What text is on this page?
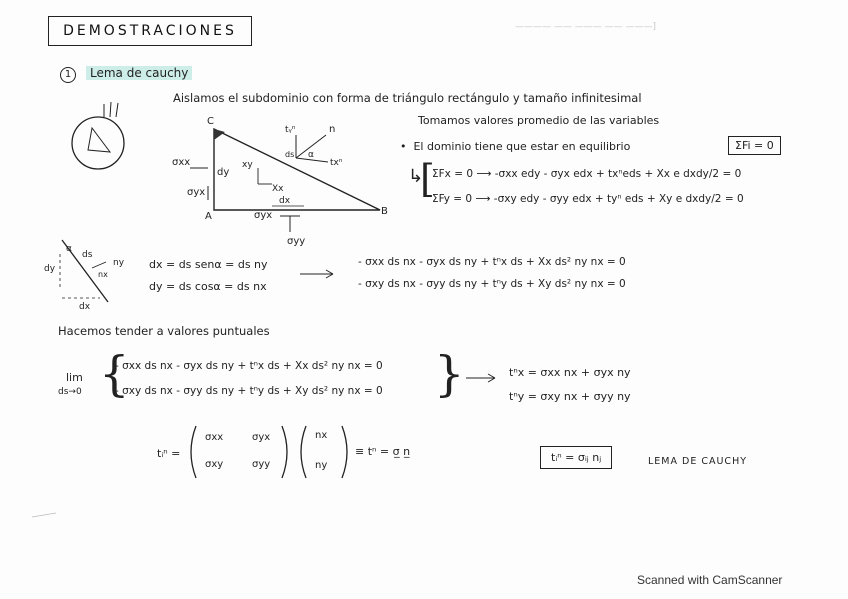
DEMOSTRACIONES	———— —— ——— —— ———]
1	Lema de cauchy
Aislamos el subdominio con forma de triángulo rectángulo y tamaño infinitesimal
Tomamos valores promedio de las variables
•  El dominio tiene que estar en equilibrio	ΣFi = 0
↳
[
ΣFx = 0 ⟶ -σxx edy - σyx edx + txⁿeds + Xx e dxdy/2 = 0
ΣFy = 0 ⟶ -σxy edy - σyy edx + tyⁿ eds + Xy e dxdy/2 = 0
C
A	B
σxx
σyx
dy
xy
Xx
dx
σyx
σyy
tᵧⁿ	n
txⁿ
ds α
ds
ny
nx
dy
dx
α
dx = ds senα = ds ny
dy = ds cosα = ds nx
- σxx ds nx - σyx ds ny + tⁿx ds + Xx ds² ny nx = 0
- σxy ds nx - σyy ds ny + tⁿy ds + Xy ds² ny nx = 0
Hacemos tender a valores puntuales
lim
ds→0 {	}
- σxx ds nx - σyx ds ny + tⁿx ds + Xx ds² ny nx = 0
- σxy ds nx - σyy ds ny + tⁿy ds + Xy ds² ny nx = 0
tⁿx = σxx nx + σyx ny
tⁿy = σxy nx + σyy ny
tᵢⁿ =
σxx	σyx
σxy	σyy
nx
ny
≡ tⁿ = σ̲ n̲	tᵢⁿ = σᵢⱼ nⱼ	LEMA DE CAUCHY
Scanned with CamScanner
